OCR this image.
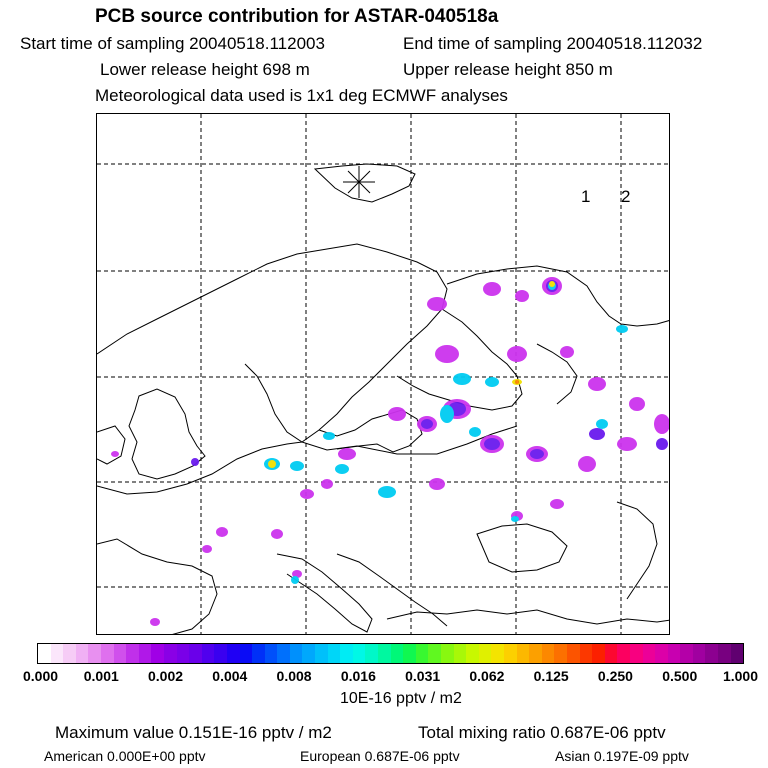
PCB source contribution for ASTAR-040518a
Start time of sampling 20040518.112003	End time of sampling 20040518.112032
Lower release height 698 m	Upper release height 850 m
Meteorological data used is 1x1 deg ECMWF analyses
1 2
10E-16 pptv / m2
Maximum value 0.151E-16 pptv / m2	Total mixing ratio 0.687E-06 pptv
American 0.000E+00 pptv	European 0.687E-06 pptv	Asian 0.197E-09 pptv
0.000 0.001 0.002 0.004 0.008 0.016 0.031 0.062 0.125 0.250 0.500 1.000
